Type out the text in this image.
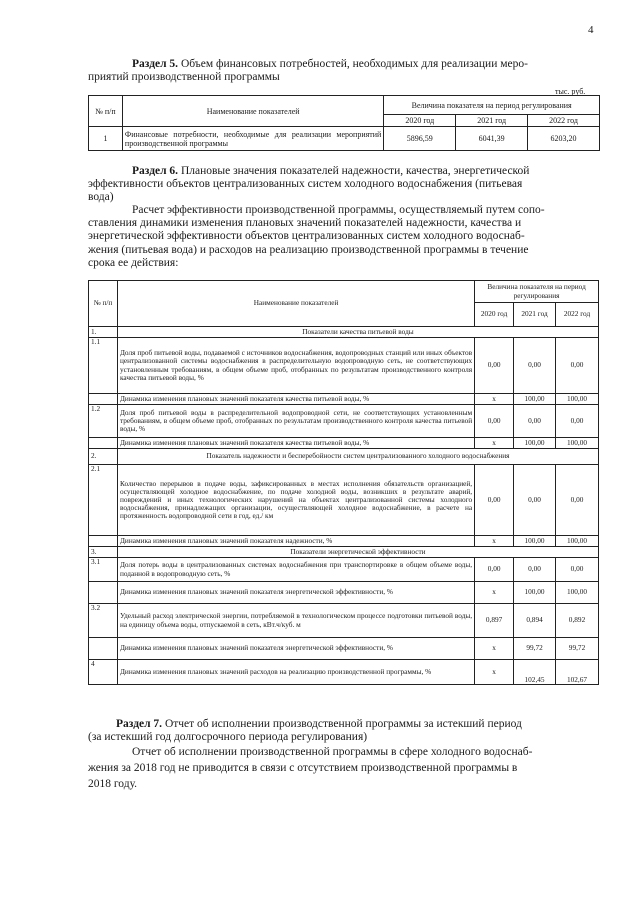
4
Раздел 5. Объем финансовых потребностей, необходимых для реализации меро-
приятий производственной программы
тыс. руб.
№ п/п	Наименование показателей	Величина показателя на период регулирования		
		2020 год	2021 год	2022 год
1	Финансовые потребности, необходимые для реализации мероприятий производственной программы	5896,59	6041,39	6203,20
Раздел 6. Плановые значения показателей надежности, качества, энергетической
эффективности объектов централизованных систем холодного водоснабжения (питьевая
вода)
Расчет эффективности производственной программы, осуществляемый путем сопо-
ставления динамики изменения плановых значений показателей надежности, качества и
энергетической эффективности объектов централизованных систем холодного водоснаб-
жения (питьевая вода) и расходов на реализацию производственной программы в течение
срока ее действия:
№ п/п	Наименование показателей	Величина показателя на период регулирования		
		2020 год	2021 год	2022 год
1.	Показатели качества питьевой воды			
1.1	Доля проб питьевой воды, подаваемой с источников водоснабжения, водопроводных станций или иных объектов централизованной системы водоснабжения в распределительную водопроводную сеть, не соответствующих установленным требованиям, в общем объеме проб, отобранных по результатам производственного контроля качества питьевой воды, %	0,00	0,00	0,00
	Динамика изменения плановых значений показателя качества питьевой воды, %	х	100,00	100,00
1.2	Доля проб питьевой воды в распределительной водопроводной сети, не соответствующих установленным требованиям, в общем объеме проб, отобранных по результатам производственного контроля качества питьевой воды, %	0,00	0,00	0,00
	Динамика изменения плановых значений показателя качества питьевой воды, %	х	100,00	100,00
2.	Показатель надежности и бесперебойности систем централизованного холодного водоснабжения			
2.1	Количество перерывов в подаче воды, зафиксированных в местах исполнения обязательств организацией, осуществляющей холодное водоснабжение, по подаче холодной воды, возникших в результате аварий, повреждений и иных технологических нарушений на объектах централизованной системы холодного водоснабжения, принадлежащих организации, осуществляющей холодное водоснабжение, в расчете на протяженность водопроводной сети в год, ед./ км	0,00	0,00	0,00
	Динамика изменения плановых значений показателя надежности, %	х	100,00	100,00
3.	Показатели энергетической эффективности			
3.1	Доля потерь воды в централизованных системах водоснабжения при транспортировке в общем объеме воды, поданной в водопроводную сеть, %	0,00	0,00	0,00
	Динамика изменения плановых значений показателя энергетической эффективности, %	х	100,00	100,00
3.2	Удельный расход электрической энергии, потребляемой в технологическом процессе подготовки питьевой воды, на единицу объема воды, отпускаемой в сеть, кВт.ч/куб. м	0,897	0,894	0,892
	Динамика изменения плановых значений показателя энергетической эффективности, %	х	99,72	99,72
4	Динамика изменения плановых значений расходов на реализацию производственной программы, %	х	102,45	102,67
Раздел 7. Отчет об исполнении производственной программы за истекший период
(за истекший год долгосрочного периода регулирования)
Отчет об исполнении производственной программы в сфере холодного водоснаб-
жения за 2018 год не приводится в связи с отсутствием производственной программы в
2018 году.
